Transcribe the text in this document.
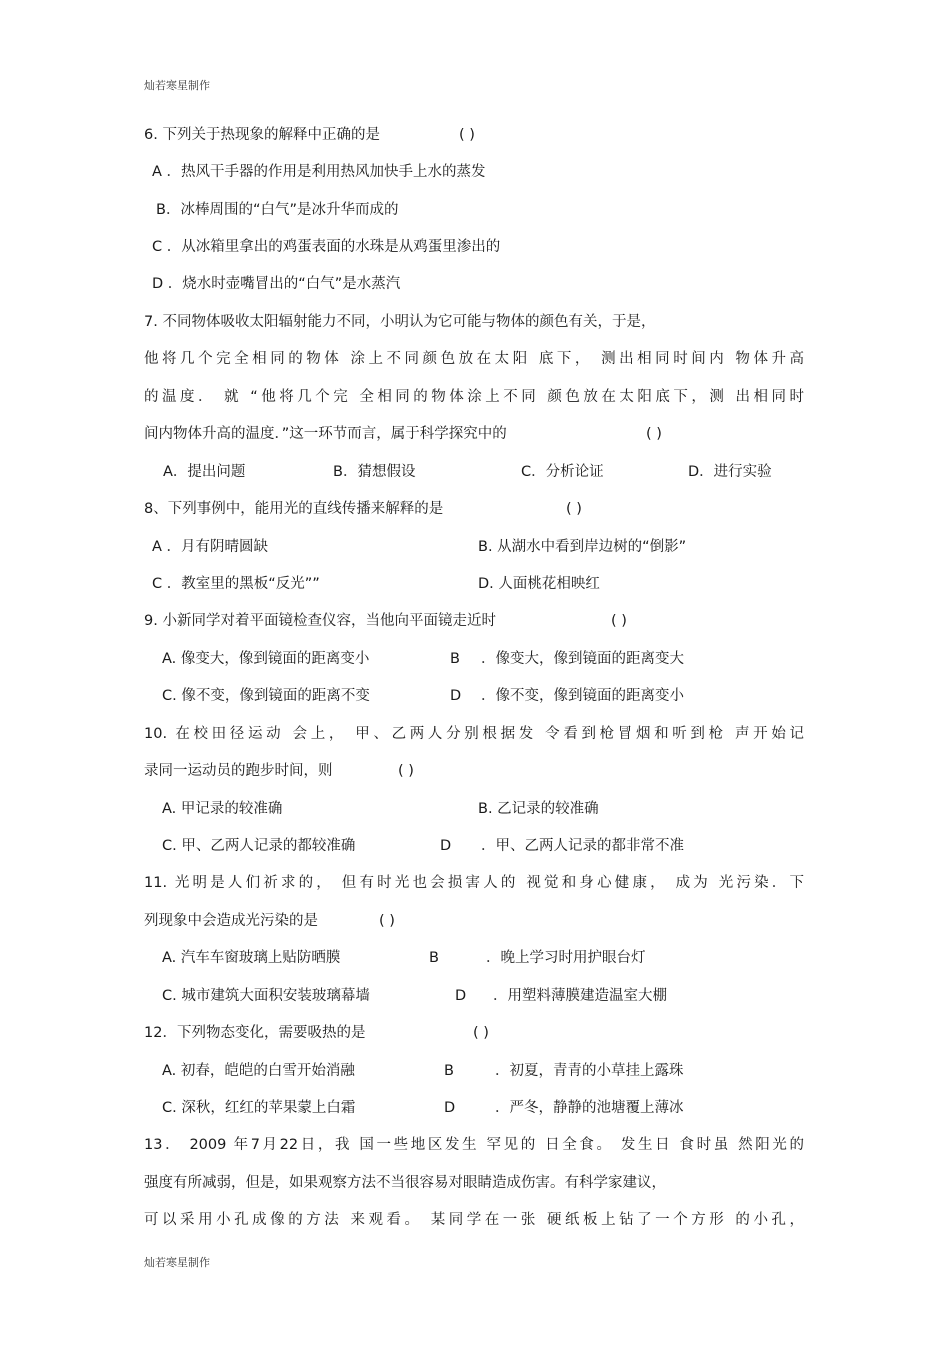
灿若寒星制作
6. 下列关于热现象的解释中正确的是	( )
A ．热风干手器的作用是利用热风加快手上水的蒸发
B．冰棒周围的“白气”是冰升华而成的
C ．从冰箱里拿出的鸡蛋表面的水珠是从鸡蛋里渗出的
D ．烧水时壶嘴冒出的“白气”是水蒸汽
7. 不同物体吸收太阳辐射能力不同，小明认为它可能与物体的颜色有关，于是，
他将几个完全相同的物体 涂上不同颜色放在太阳 底下， 测出相同时间内 物体升高
的温度． 就 “他将几个完 全相同的物体涂上不同 颜色放在太阳底下，测 出相同时
间内物体升高的温度．”这一环节而言，属于科学探究中的	( )
A．提出问题	B．猜想假设	C．分析论证	D．进行实验
8、下列事例中，能用光的直线传播来解释的是	( )
A ．月有阴晴圆缺	B. 从湖水中看到岸边树的“倒影”
C ．教室里的黑板“反光””	D. 人面桃花相映红
9. 小新同学对着平面镜检查仪容，当他向平面镜走近时	( )
A. 像变大，像到镜面的距离变小	B ．像变大，像到镜面的距离变大
C. 像不变，像到镜面的距离不变	D ．像不变，像到镜面的距离变小
10. 在校田径运动 会上， 甲、乙两人分别根据发 令看到枪冒烟和听到枪 声开始记
录同一运动员的跑步时间，则	( )
A. 甲记录的较准确	B. 乙记录的较准确
C. 甲、乙两人记录的都较准确	D ．甲、乙两人记录的都非常不准
11. 光明是人们祈求的， 但有时光也会损害人的 视觉和身心健康， 成为 光污染．下
列现象中会造成光污染的是	( )
A. 汽车车窗玻璃上贴防晒膜	B	．晚上学习时用护眼台灯
C. 城市建筑大面积安装玻璃幕墙	D ．用塑料薄膜建造温室大棚
12．下列物态变化，需要吸热的是	( )
A. 初春，皑皑的白雪开始消融	B	．初夏，青青的小草挂上露珠
C. 深秋，红红的苹果蒙上白霜	D	．严冬，静静的池塘覆上薄冰
13． 2009 年7月22日，我 国一些地区发生 罕见的 日全食。 发生日 食时虽 然阳光的
强度有所减弱，但是，如果观察方法不当很容易对眼睛造成伤害。有科学家建议，
可以采用小孔成像的方法 来观看。 某同学在一张 硬纸板上钻了一个方形 的小孔，
灿若寒星制作
